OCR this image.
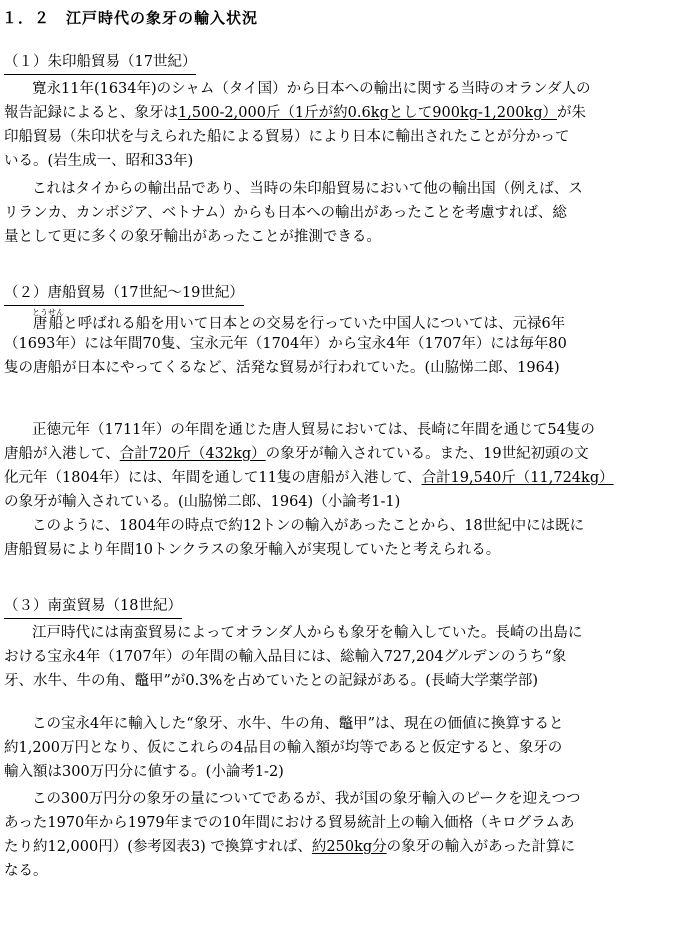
１．２　江戸時代の象牙の輸入状況
（１）朱印船貿易（17世紀）
寛永11年(1634年)のシャム（タイ国）から日本への輸出に関する当時のオランダ人の
報告記録によると、象牙は1,500-2,000斤（1斤が約0.6kgとして900kg-1,200kg）が朱
印船貿易（朱印状を与えられた船による貿易）により日本に輸出されたことが分かって
いる。(岩生成一、昭和33年)
これはタイからの輸出品であり、当時の朱印船貿易において他の輸出国（例えば、ス
リランカ、カンボジア、ベトナム）からも日本への輸出があったことを考慮すれば、総
量として更に多くの象牙輸出があったことが推測できる。
（２）唐船貿易（17世紀～19世紀）
唐船とうせんと呼ばれる船を用いて日本との交易を行っていた中国人については、元禄6年
（1693年）には年間70隻、宝永元年（1704年）から宝永4年（1707年）には毎年80
隻の唐船が日本にやってくるなど、活発な貿易が行われていた。(山脇悌二郎、1964)
正徳元年（1711年）の年間を通じた唐人貿易においては、長崎に年間を通じて54隻の
唐船が入港して、合計720斤（432kg）の象牙が輸入されている。また、19世紀初頭の文
化元年（1804年）には、年間を通して11隻の唐船が入港して、合計19,540斤（11,724kg）
の象牙が輸入されている。(山脇悌二郎、1964)（小論考1-1)
このように、1804年の時点で約12トンの輸入があったことから、18世紀中には既に
唐船貿易により年間10トンクラスの象牙輸入が実現していたと考えられる。
（３）南蛮貿易（18世紀）
江戸時代には南蛮貿易によってオランダ人からも象牙を輸入していた。長崎の出島に
おける宝永4年（1707年）の年間の輸入品目には、総輸入727,204グルデンのうち“象
牙、水牛、牛の角、鼈甲”が0.3%を占めていたとの記録がある。(長崎大学薬学部)
この宝永4年に輸入した“象牙、水牛、牛の角、鼈甲”は、現在の価値に換算すると
約1,200万円となり、仮にこれらの4品目の輸入額が均等であると仮定すると、象牙の
輸入額は300万円分に値する。(小論考1-2)
この300万円分の象牙の量についてであるが、我が国の象牙輸入のピークを迎えつつ
あった1970年から1979年までの10年間における貿易統計上の輸入価格（キログラムあ
たり約12,000円）(参考図表3) で換算すれば、約250kg分の象牙の輸入があった計算に
なる。
